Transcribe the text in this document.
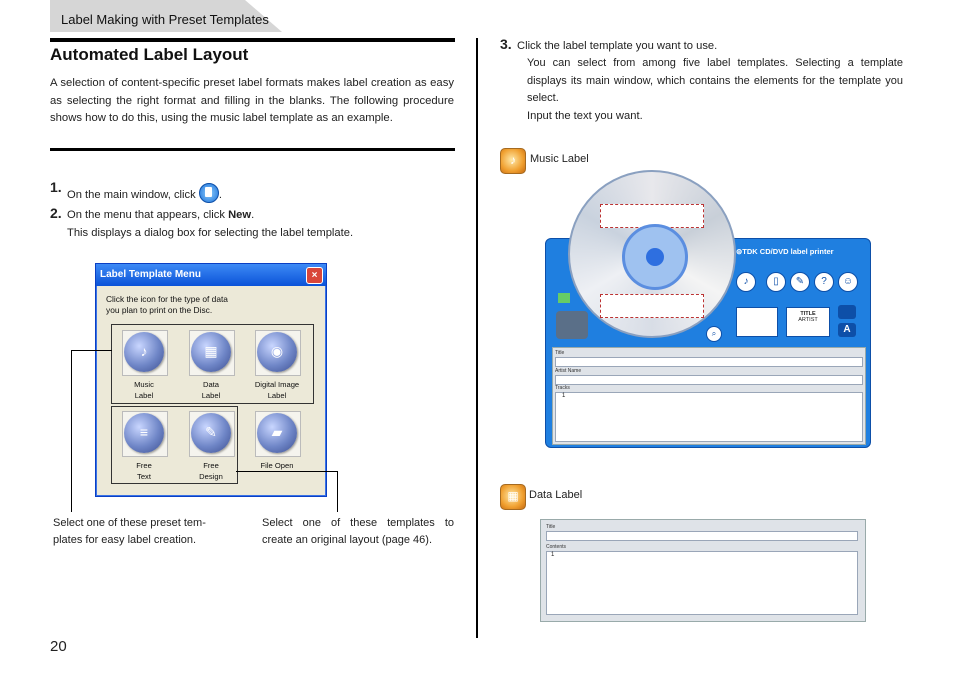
Label Making with Preset Templates
Automated Label Layout
A selection of content-specific preset label formats makes label creation as easy as selecting the right format and filling in the blanks. The following procedure shows how to do this, using the music label template as an example.
1. On the main window, click
.
2. On the menu that appears, click New.
This displays a dialog box for selecting the label template.
Label Template Menu	×
Click the icon for the type of data
you plan to print on the Disc.
♪
Music
Label
▦
Data
Label
◉
Digital Image
Label
≡
Free
Text
✎
Free
Design
▰
File Open
Select one of these preset tem-
plates for easy label creation.
Select one of these templates to
create an original layout (page 46).
3. Click the label template you want to use.
You can select from among five label templates. Selecting a template displays its main window, which contains the elements for the template you select.
Input the text you want.
♪	Music Label
⊜TDK CD/DVD label printer
♪	▯	✎	?	☺
TITLE
ARTIST
A
Title
Artist Name
Tracks
1
⌕
▦ Data Label
Title
Contents
1
20
